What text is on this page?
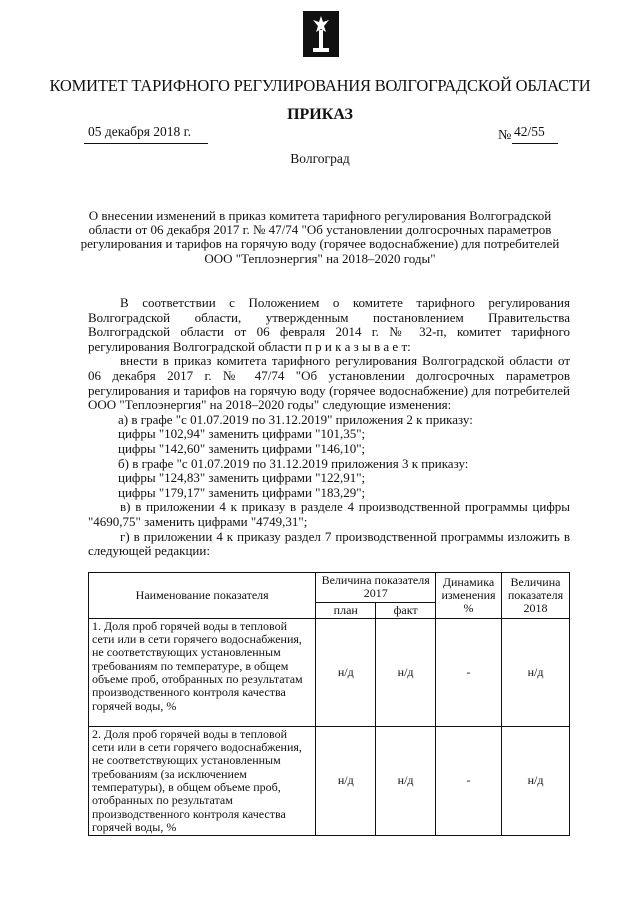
КОМИТЕТ ТАРИФНОГО РЕГУЛИРОВАНИЯ ВОЛГОГРАДСКОЙ ОБЛАСТИ
ПРИКАЗ
05 декабря 2018 г.	№ 42/55
Волгоград
О внесении изменений в приказ комитета тарифного регулирования Волгоградской области от 06 декабря 2017 г. № 47/74 "Об установлении долгосрочных параметров регулирования и тарифов на горячую воду (горячее водоснабжение) для потребителей ООО "Теплоэнергия" на 2018–2020 годы"

В соответствии с Положением о комитете тарифного регулирования Волгоградской области, утвержденным постановлением Правительства Волгоградской области от 06 февраля 2014 г. № 32-п, комитет тарифного регулирования Волгоградской области п р и к а з ы в а е т:

внести в приказ комитета тарифного регулирования Волгоградской области от 06 декабря 2017 г. № 47/74 "Об установлении долгосрочных параметров регулирования и тарифов на горячую воду (горячее водоснабжение) для потребителей ООО "Теплоэнергия" на 2018–2020 годы" следующие изменения:

а) в графе "с 01.07.2019 по 31.12.2019" приложения 2 к приказу:

цифры "102,94" заменить цифрами "101,35";

цифры "142,60" заменить цифрами "146,10";

б) в графе "с 01.07.2019 по 31.12.2019 приложения 3 к приказу:

цифры "124,83" заменить цифрами "122,91";

цифры "179,17" заменить цифрами "183,29";

в) в приложении 4 к приказу в разделе 4 производственной программы цифры "4690,75" заменить цифрами "4749,31";

г) в приложении 4 к приказу раздел 7 производственной программы изложить в следующей редакции:

Наименование показателя	Величина показателя 2017		Динамика изменения %	Величина показателя 2018
	план	факт		
1. Доля проб горячей воды в тепловой сети или в сети горячего водоснабжения, не соответствующих установленным требованиям по температуре, в общем объеме проб, отобранных по результатам производственного контроля качества горячей воды, %	н/д	н/д	-	н/д
2. Доля проб горячей воды в тепловой сети или в сети горячего водоснабжения, не соответствующих установленным требованиям (за исключением температуры), в общем объеме проб, отобранных по результатам производственного контроля качества горячей воды, %	н/д	н/д	-	н/д
